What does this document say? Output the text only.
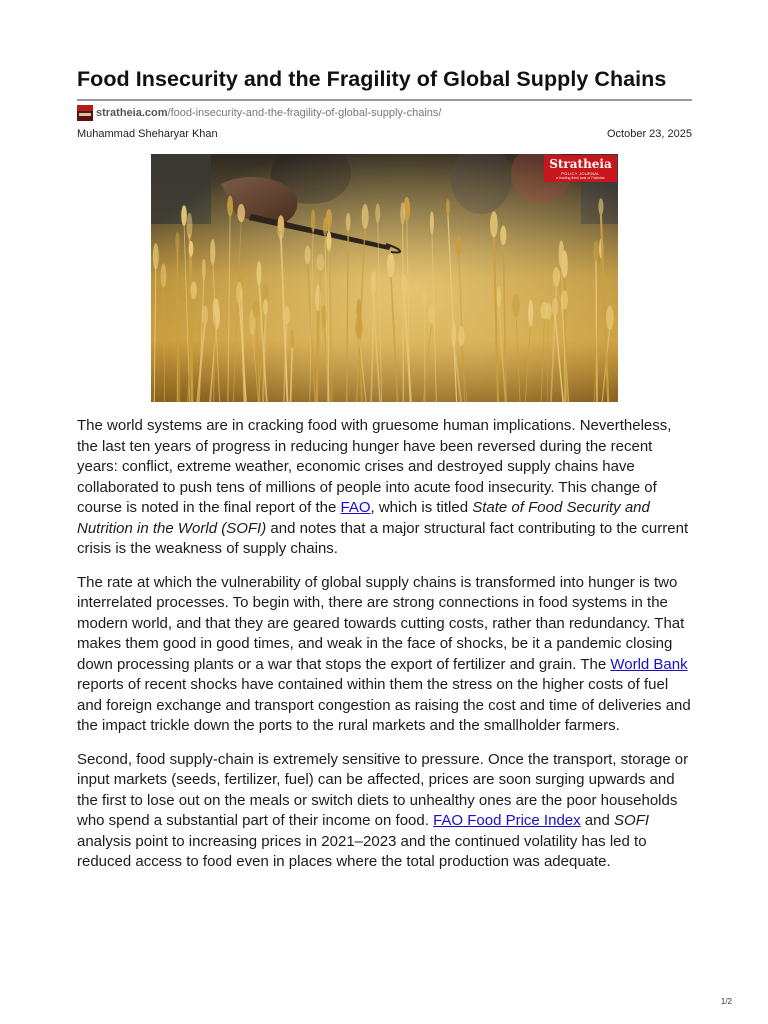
Food Insecurity and the Fragility of Global Supply Chains
stratheia.com /food-insecurity-and-the-fragility-of-global-supply-chains/
Muhammad Sheharyar Khan	October 23, 2025
Stratheia
POLICY JOURNAL
a leading think tank of Pakistan

The world systems are in cracking food with gruesome human implications. Nevertheless, the last ten years of progress in reducing hunger have been reversed during the recent years: conflict, extreme weather, economic crises and destroyed supply chains have collaborated to push tens of millions of people into acute food insecurity. This change of course is noted in the final report of the FAO, which is titled State of Food Security and Nutrition in the World (SOFI) and notes that a major structural fact contributing to the current crisis is the weakness of supply chains.

The rate at which the vulnerability of global supply chains is transformed into hunger is two interrelated processes. To begin with, there are strong connections in food systems in the modern world, and that they are geared towards cutting costs, rather than redundancy. That makes them good in good times, and weak in the face of shocks, be it a pandemic closing down processing plants or a war that stops the export of fertilizer and grain. The World Bank reports of recent shocks have contained within them the stress on the higher costs of fuel and foreign exchange and transport congestion as raising the cost and time of deliveries and the impact trickle down the ports to the rural markets and the smallholder farmers.

Second, food supply-chain is extremely sensitive to pressure. Once the transport, storage or input markets (seeds, fertilizer, fuel) can be affected, prices are soon surging upwards and the first to lose out on the meals or switch diets to unhealthy ones are the poor households who spend a substantial part of their income on food. FAO Food Price Index and SOFI analysis point to increasing prices in 2021–2023 and the continued volatility has led to reduced access to food even in places where the total production was adequate.

1/2
